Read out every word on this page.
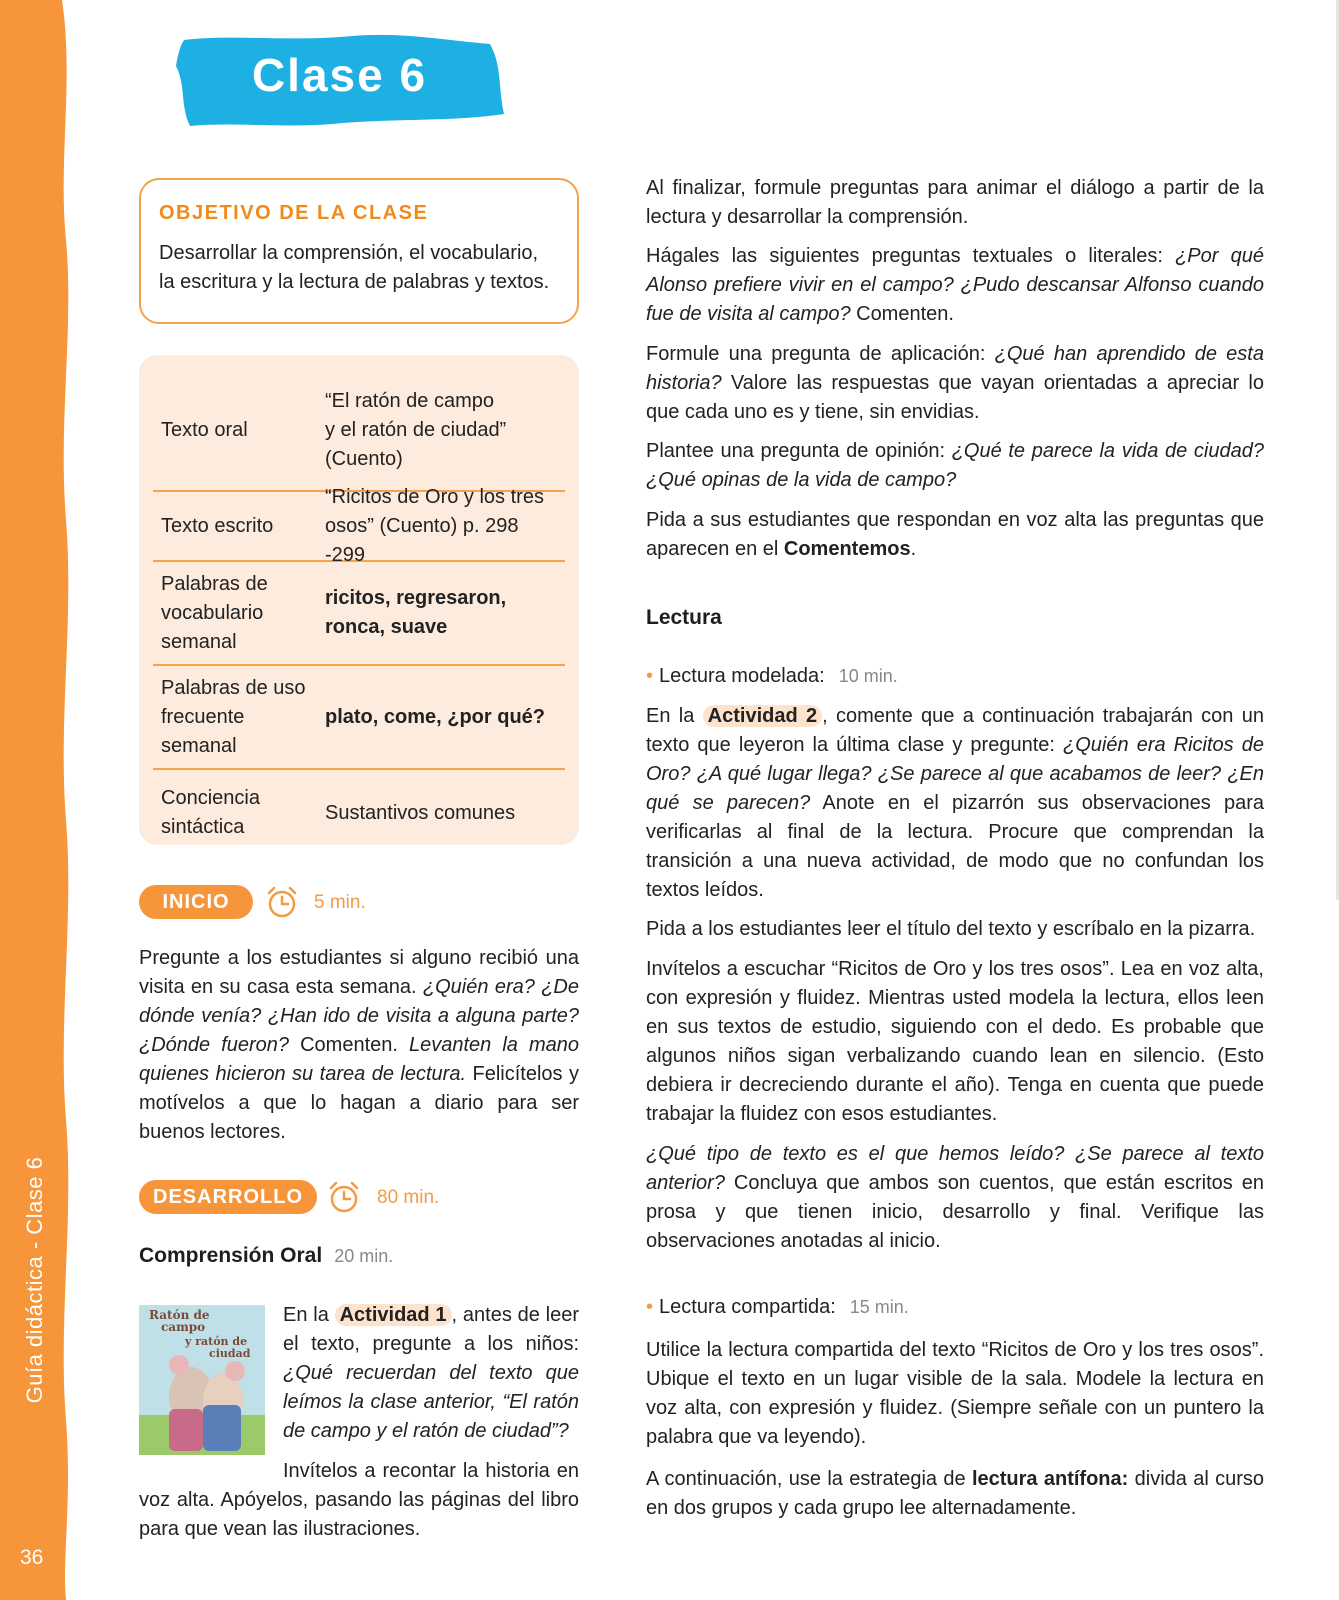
Guía didáctica - Clase 6
36
Clase 6
OBJETIVO DE LA CLASE
Desarrollar la comprensión, el vocabulario, la escritura y la lectura de palabras y textos.
Texto oral
“El ratón de campo
y el ratón de ciudad”
(Cuento)
Texto escrito
“Ricitos de Oro y los tres
osos” (Cuento) p. 298 -299
Palabras de vocabulario semanal
ricitos, regresaron,
ronca, suave
Palabras de uso frecuente semanal
plato, come, ¿por qué?
Conciencia sintáctica
Sustantivos comunes
INICIO	5 min.
Pregunte a los estudiantes si alguno recibió una visita en su casa esta semana. ¿Quién era? ¿De dónde venía? ¿Han ido de visita a alguna parte? ¿Dónde fueron? Comenten. Levanten la mano quienes hicieron su tarea de lectura. Felicítelos y motívelos a que lo hagan a diario para ser buenos lectores.
DESARROLLO	80 min.
Comprensión Oral 20 min.
Ratón de
campo
y ratón de
ciudad
En la Actividad 1 , antes de leer el texto, pregunte a los niños: ¿Qué recuerdan del texto que leímos la clase anterior, “El ratón de campo y el ratón de ciudad”?
Invítelos a recontar la historia en voz alta. Apóyelos, pasando las páginas del libro para que vean las ilustraciones.
Al finalizar, formule preguntas para animar el diálogo a partir de la lectura y desarrollar la comprensión.
Hágales las siguientes preguntas textuales o literales: ¿Por qué Alonso prefiere vivir en el campo? ¿Pudo descansar Alfonso cuando fue de visita al campo? Comenten.
Formule una pregunta de aplicación: ¿Qué han aprendido de esta historia? Valore las respuestas que vayan orientadas a apreciar lo que cada uno es y tiene, sin envidias.
Plantee una pregunta de opinión: ¿Qué te parece la vida de ciudad? ¿Qué opinas de la vida de campo?
Pida a sus estudiantes que respondan en voz alta las preguntas que aparecen en el Comentemos.
Lectura
• Lectura modelada: 10 min.
En la Actividad 2 , comente que a continuación trabajarán con un texto que leyeron la última clase y pregunte: ¿Quién era Ricitos de Oro? ¿A qué lugar llega? ¿Se parece al que acabamos de leer? ¿En qué se parecen? Anote en el pizarrón sus observaciones para verificarlas al final de la lectura. Procure que comprendan la transición a una nueva actividad, de modo que no confundan los textos leídos.
Pida a los estudiantes leer el título del texto y escríbalo en la pizarra.
Invítelos a escuchar “Ricitos de Oro y los tres osos”. Lea en voz alta, con expresión y fluidez. Mientras usted modela la lectura, ellos leen en sus textos de estudio, siguiendo con el dedo. Es probable que algunos niños sigan verbalizando cuando lean en silencio. (Esto debiera ir decreciendo durante el año). Tenga en cuenta que puede trabajar la fluidez con esos estudiantes.
¿Qué tipo de texto es el que hemos leído? ¿Se parece al texto anterior? Concluya que ambos son cuentos, que están escritos en prosa y que tienen inicio, desarrollo y final. Verifique las observaciones anotadas al inicio.
• Lectura compartida: 15 min.
Utilice la lectura compartida del texto “Ricitos de Oro y los tres osos”. Ubique el texto en un lugar visible de la sala. Modele la lectura en voz alta, con expresión y fluidez. (Siempre señale con un puntero la palabra que va leyendo).
A continuación, use la estrategia de lectura antífona: divida al curso en dos grupos y cada grupo lee alternadamente.
